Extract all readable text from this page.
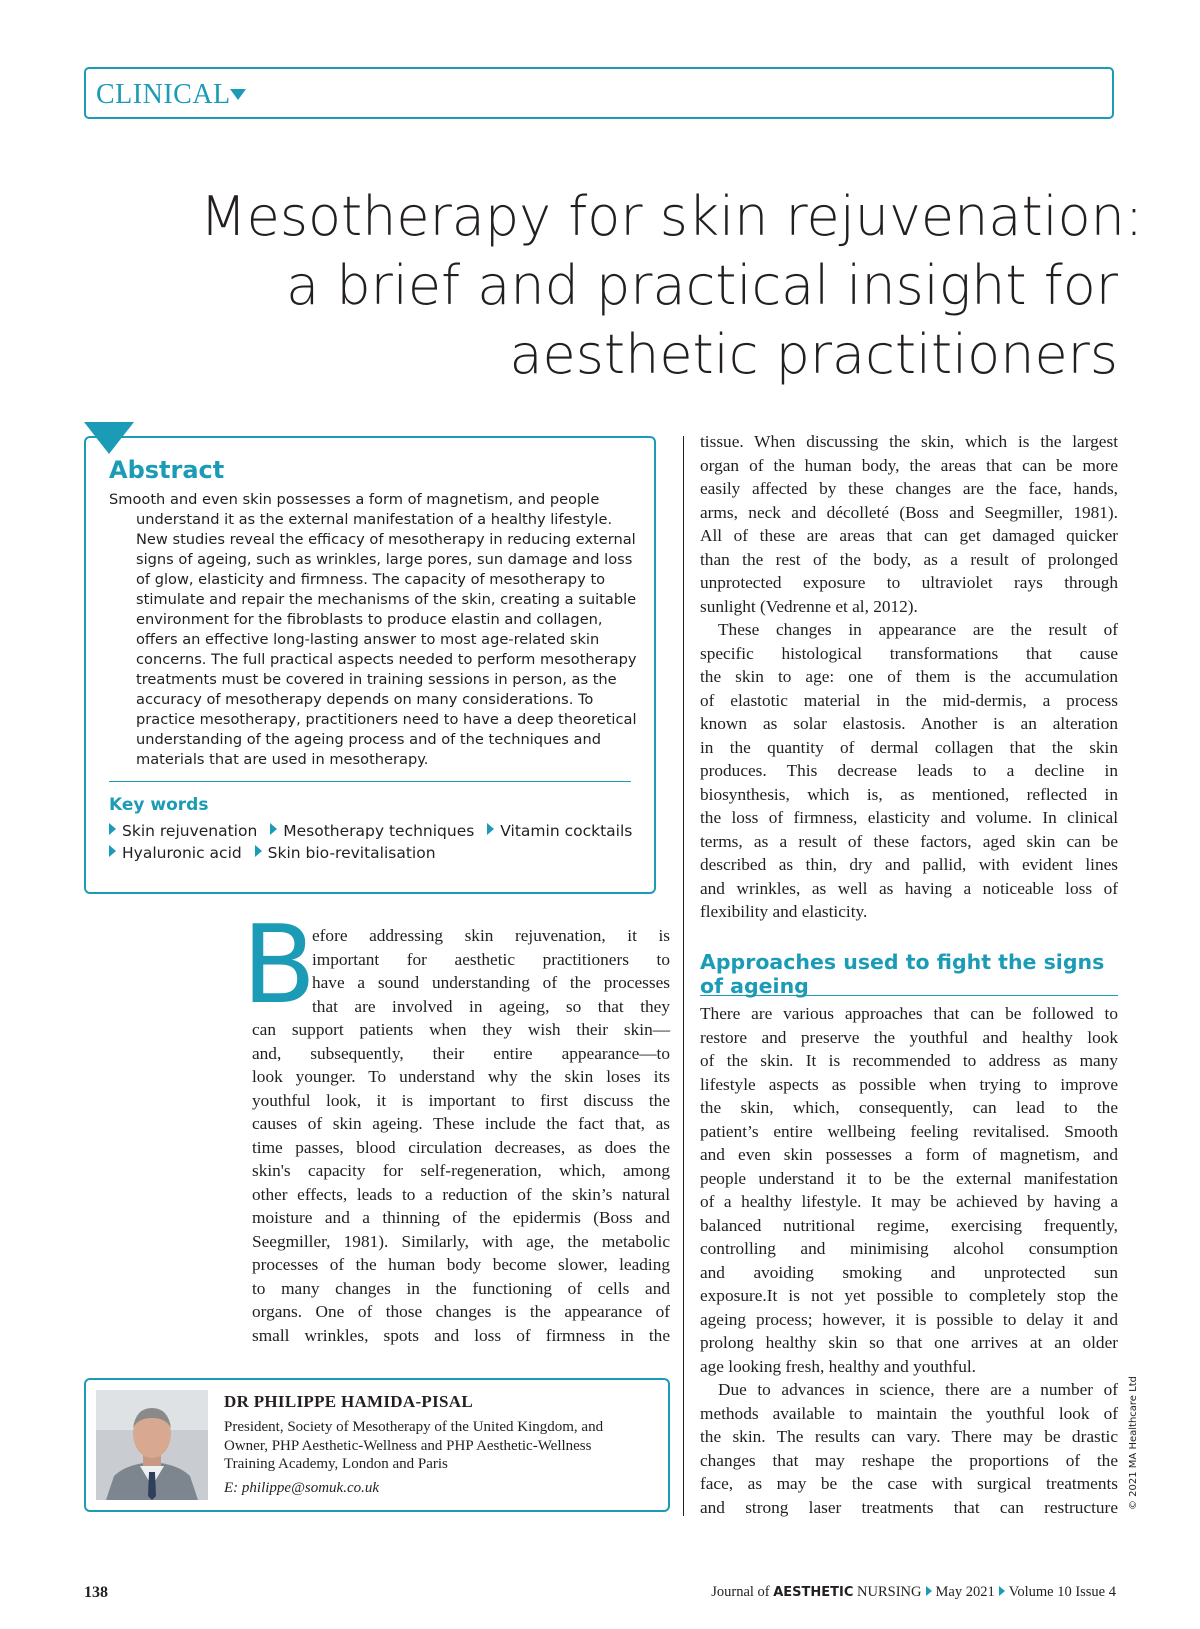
CLINICAL
Mesotherapy for skin rejuvenation:
a brief and practical insight for
aesthetic practitioners
Abstract
Smooth and even skin possesses a form of magnetism, and people
understand it as the external manifestation of a healthy lifestyle.
New studies reveal the efficacy of mesotherapy in reducing external
signs of ageing, such as wrinkles, large pores, sun damage and loss
of glow, elasticity and firmness. The capacity of mesotherapy to
stimulate and repair the mechanisms of the skin, creating a suitable
environment for the fibroblasts to produce elastin and collagen,
offers an effective long-lasting answer to most age-related skin
concerns. The full practical aspects needed to perform mesotherapy
treatments must be covered in training sessions in person, as the
accuracy of mesotherapy depends on many considerations. To
practice mesotherapy, practitioners need to have a deep theoretical
understanding of the ageing process and of the techniques and
materials that are used in mesotherapy.
Key words
Skin rejuvenation Mesotherapy techniques Vitamin cocktails
Hyaluronic acid Skin bio-revitalisation
B
efore addressing skin rejuvenation, it is
important for aesthetic practitioners to
have a sound understanding of the processes
that are involved in ageing, so that they
can support patients when they wish their skin—
and, subsequently, their entire appearance—to
look younger. To understand why the skin loses its
youthful look, it is important to first discuss the
causes of skin ageing. These include the fact that, as
time passes, blood circulation decreases, as does the
skin's capacity for self-regeneration, which, among
other effects, leads to a reduction of the skin’s natural
moisture and a thinning of the epidermis (Boss and
Seegmiller, 1981). Similarly, with age, the metabolic
processes of the human body become slower, leading
to many changes in the functioning of cells and
organs. One of those changes is the appearance of
small wrinkles, spots and loss of firmness in the
tissue. When discussing the skin, which is the largest
organ of the human body, the areas that can be more
easily affected by these changes are the face, hands,
arms, neck and décolleté (Boss and Seegmiller, 1981).
All of these are areas that can get damaged quicker
than the rest of the body, as a result of prolonged
unprotected exposure to ultraviolet rays through
sunlight (Vedrenne et al, 2012).
These changes in appearance are the result of
specific histological transformations that cause
the skin to age: one of them is the accumulation
of elastotic material in the mid-dermis, a process
known as solar elastosis. Another is an alteration
in the quantity of dermal collagen that the skin
produces. This decrease leads to a decline in
biosynthesis, which is, as mentioned, reflected in
the loss of firmness, elasticity and volume. In clinical
terms, as a result of these factors, aged skin can be
described as thin, dry and pallid, with evident lines
and wrinkles, as well as having a noticeable loss of
flexibility and elasticity.
Approaches used to fight the signs
of ageing
There are various approaches that can be followed to
restore and preserve the youthful and healthy look
of the skin. It is recommended to address as many
lifestyle aspects as possible when trying to improve
the skin, which, consequently, can lead to the
patient’s entire wellbeing feeling revitalised. Smooth
and even skin possesses a form of magnetism, and
people understand it to be the external manifestation
of a healthy lifestyle. It may be achieved by having a
balanced nutritional regime, exercising frequently,
controlling and minimising alcohol consumption
and avoiding smoking and unprotected sun
exposure.It is not yet possible to completely stop the
ageing process; however, it is possible to delay it and
prolong healthy skin so that one arrives at an older
age looking fresh, healthy and youthful.
Due to advances in science, there are a number of
methods available to maintain the youthful look of
the skin. The results can vary. There may be drastic
changes that may reshape the proportions of the
face, as may be the case with surgical treatments
and strong laser treatments that can restructure
DR PHILIPPE HAMIDA-PISAL
President, Society of Mesotherapy of the United Kingdom, and
Owner, PHP Aesthetic-Wellness and PHP Aesthetic-Wellness
Training Academy, London and Paris
E: philippe@somuk.co.uk	© 2021 MA Healthcare Ltd
138	Journal of AESTHETIC NURSING May 2021 Volume 10 Issue 4
